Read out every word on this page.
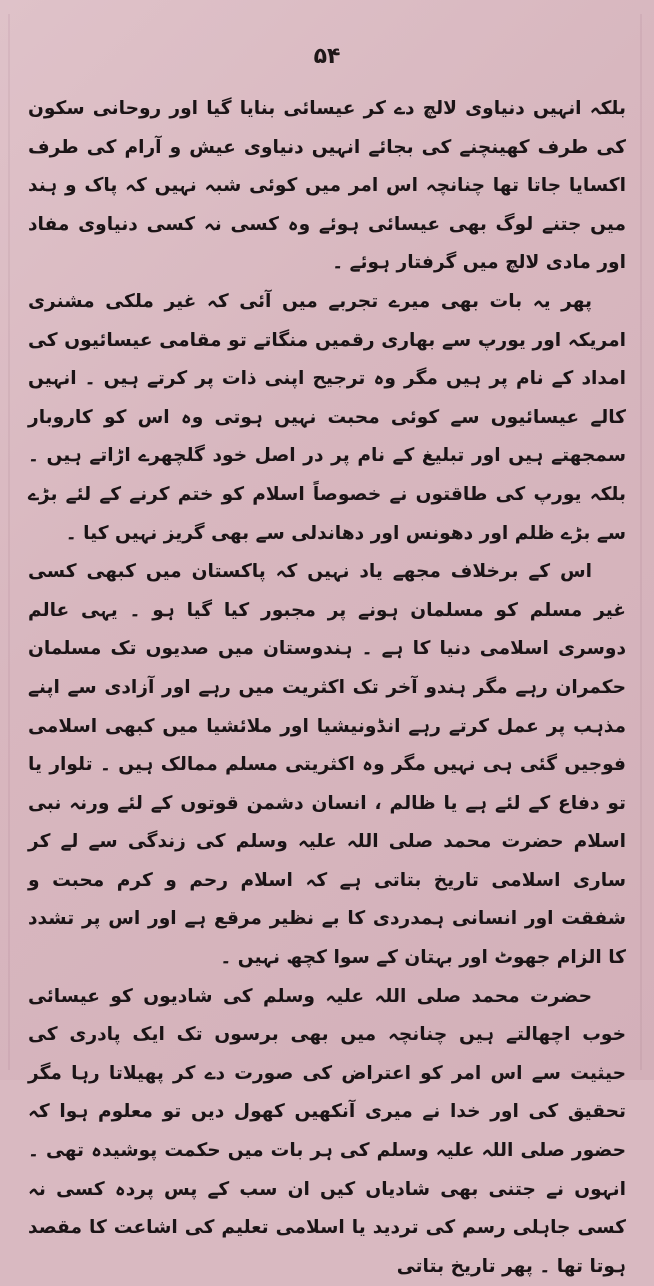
۵۴

بلکہ انہیں دنیاوی لالچ دے کر عیسائی بنایا گیا اور روحانی سکون کی طرف کھینچنے کی بجائے انہیں دنیاوی عیش و آرام کی طرف اکسایا جاتا تھا چنانچہ اس امر میں کوئی شبہ نہیں کہ پاک و ہند میں جتنے لوگ بھی عیسائی ہوئے وہ کسی نہ کسی دنیاوی مفاد اور مادی لالچ میں گرفتار ہوئے ۔

پھر یہ بات بھی میرے تجربے میں آئی کہ غیر ملکی مشنری امریکہ اور یورپ سے بھاری رقمیں منگاتے تو مقامی عیسائیوں کی امداد کے نام پر ہیں مگر وہ ترجیح اپنی ذات پر کرتے ہیں ۔ انہیں کالے عیسائیوں سے کوئی محبت نہیں ہوتی وہ اس کو کاروبار سمجھتے ہیں اور تبلیغ کے نام پر در اصل خود گلچھرے اڑاتے ہیں ۔ بلکہ یورپ کی طاقتوں نے خصوصاً اسلام کو ختم کرنے کے لئے بڑے سے بڑے ظلم اور دھونس اور دھاندلی سے بھی گریز نہیں کیا ۔

اس کے برخلاف مجھے یاد نہیں کہ پاکستان میں کبھی کسی غیر مسلم کو مسلمان ہونے پر مجبور کیا گیا ہو ۔ یہی عالم دوسری اسلامی دنیا کا ہے ۔ ہندوستان میں صدیوں تک مسلمان حکمران رہے مگر ہندو آخر تک اکثریت میں رہے اور آزادی سے اپنے مذہب پر عمل کرتے رہے انڈونیشیا اور ملائشیا میں کبھی اسلامی فوجیں گئی ہی نہیں مگر وہ اکثریتی مسلم ممالک ہیں ۔ تلوار یا تو دفاع کے لئے ہے یا ظالم ، انسان دشمن قوتوں کے لئے ورنہ نبی اسلام حضرت محمد صلی اللہ علیہ وسلم کی زندگی سے لے کر ساری اسلامی تاریخ بتاتی ہے کہ اسلام رحم و کرم محبت و شفقت اور انسانی ہمدردی کا بے نظیر مرقع ہے اور اس پر تشدد کا الزام جھوٹ اور بہتان کے سوا کچھ نہیں ۔

حضرت محمد صلی اللہ علیہ وسلم کی شادیوں کو عیسائی خوب اچھالتے ہیں چنانچہ میں بھی برسوں تک ایک پادری کی حیثیت سے اس امر کو اعتراض کی صورت دے کر پھیلاتا رہا مگر تحقیق کی اور خدا نے میری آنکھیں کھول دیں تو معلوم ہوا کہ حضور صلی اللہ علیہ وسلم کی ہر بات میں حکمت پوشیدہ تھی ۔ انہوں نے جتنی بھی شادیاں کیں ان سب کے پس پردہ کسی نہ کسی جاہلی رسم کی تردید یا اسلامی تعلیم کی اشاعت کا مقصد ہوتا تھا ۔ پھر تاریخ بتاتی
